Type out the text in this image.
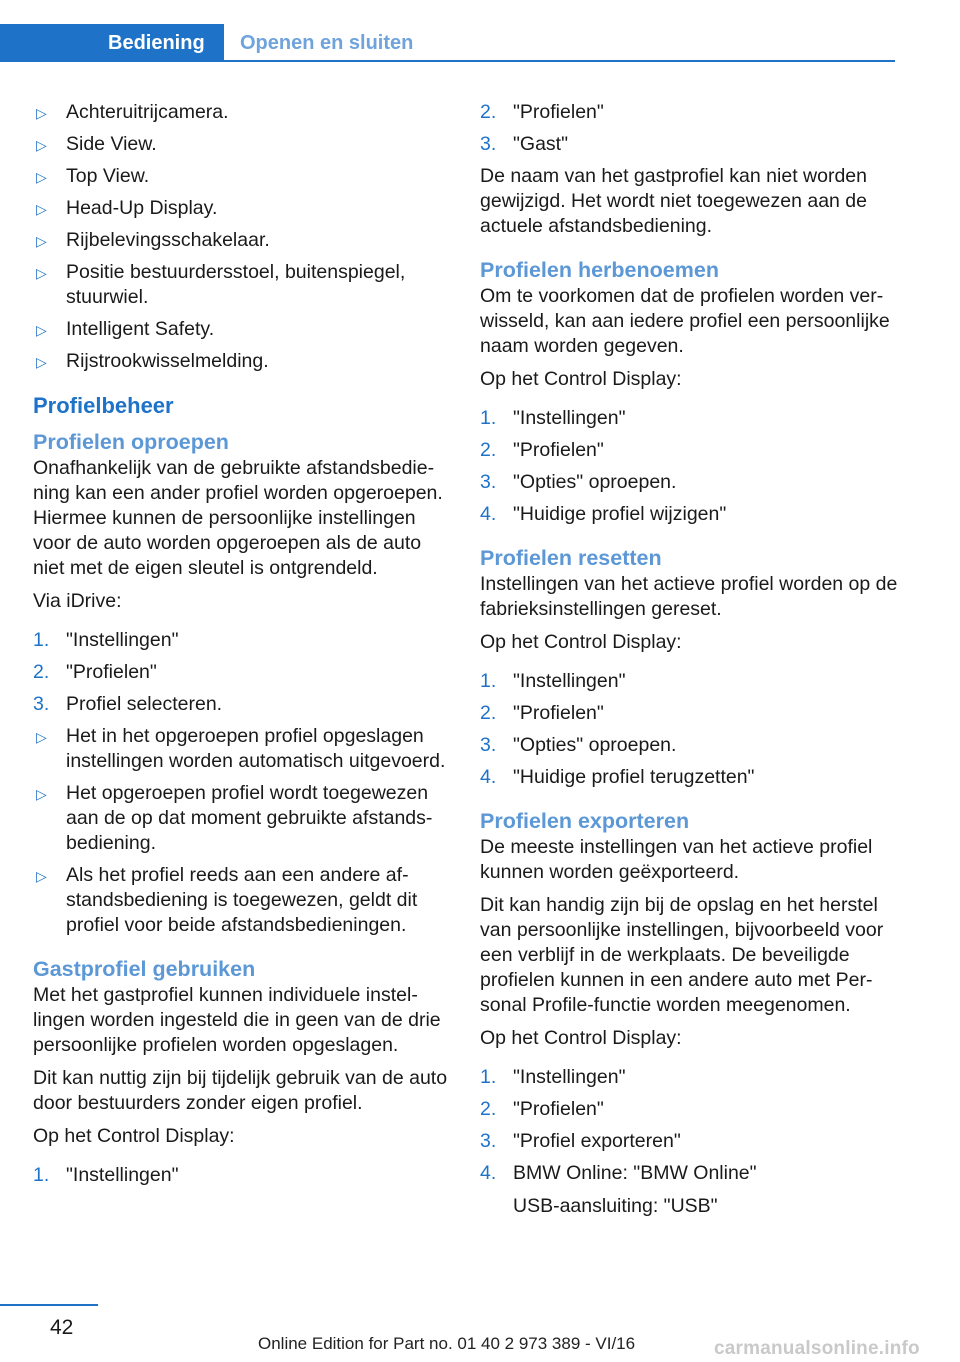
Bediening	Openen en sluiten
▷ Achteruitrijcamera.
▷ Side View.
▷ Top View.
▷ Head-Up Display.
▷ Rijbelevingsschakelaar.
▷ Positie bestuurdersstoel, buitenspiegel, stuurwiel.
▷ Intelligent Safety.
▷ Rijstrookwisselmelding.
Profielbeheer
Profielen oproepen
Onafhankelijk van de gebruikte afstandsbediening kan een ander profiel worden opgeroepen. Hiermee kunnen de persoonlijke instellingen voor de auto worden opgeroepen als de auto niet met de eigen sleutel is ontgrendeld.
Via iDrive:
1. "Instellingen"
2. "Profielen"
3. Profiel selecteren.
▷ Het in het opgeroepen profiel opgeslagen instellingen worden automatisch uitgevoerd.
▷ Het opgeroepen profiel wordt toegewezen aan de op dat moment gebruikte afstandsbediening.
▷ Als het profiel reeds aan een andere afstandsbediening is toegewezen, geldt dit profiel voor beide afstandsbedieningen.
Gastprofiel gebruiken
Met het gastprofiel kunnen individuele instellingen worden ingesteld die in geen van de drie persoonlijke profielen worden opgeslagen.
Dit kan nuttig zijn bij tijdelijk gebruik van de auto door bestuurders zonder eigen profiel.
Op het Control Display:
1. "Instellingen"
2. "Profielen"
3. "Gast"
De naam van het gastprofiel kan niet worden gewijzigd. Het wordt niet toegewezen aan de actuele afstandsbediening.
Profielen herbenoemen
Om te voorkomen dat de profielen worden verwisseld, kan aan iedere profiel een persoonlijke naam worden gegeven.
Op het Control Display:
1. "Instellingen"
2. "Profielen"
3. "Opties" oproepen.
4. "Huidige profiel wijzigen"
Profielen resetten
Instellingen van het actieve profiel worden op de fabrieksinstellingen gereset.
Op het Control Display:
1. "Instellingen"
2. "Profielen"
3. "Opties" oproepen.
4. "Huidige profiel terugzetten"
Profielen exporteren
De meeste instellingen van het actieve profiel kunnen worden geëxporteerd.
Dit kan handig zijn bij de opslag en het herstel van persoonlijke instellingen, bijvoorbeeld voor een verblijf in de werkplaats. De beveiligde profielen kunnen in een andere auto met Personal Profile-functie worden meegenomen.
Op het Control Display:
1. "Instellingen"
2. "Profielen"
3. "Profiel exporteren"
4. BMW Online: "BMW Online"
USB-aansluiting: "USB"
42
Online Edition for Part no. 01 40 2 973 389 - VI/16	carmanualsonline.info
